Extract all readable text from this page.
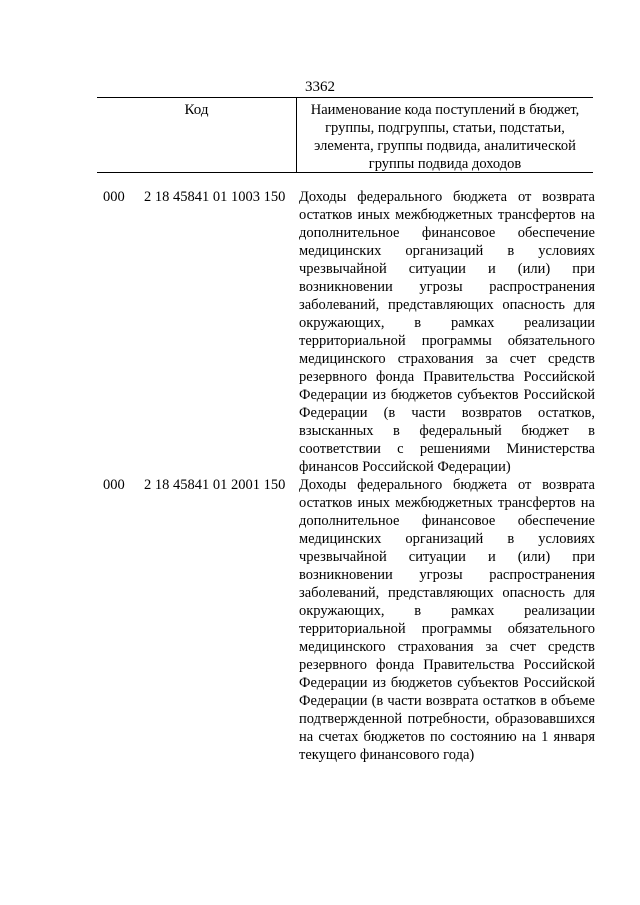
3362
Код	Наименование кода поступлений в бюджет, группы, подгруппы, статьи, подстатьи, элемента, группы подвида, аналитической группы подвида доходов
000	2 18 45841 01 1003 150 Доходы федерального бюджета от возврата остатков иных межбюджетных трансфертов на дополнительное финансовое обеспечение медицинских организаций в условиях чрезвычайной ситуации и (или) при возникновении угрозы распространения заболеваний, представляющих опасность для окружающих, в рамках реализации территориальной программы обязательного медицинского страхования за счет средств резервного фонда Правительства Российской Федерации из бюджетов субъектов Российской Федерации (в части возвратов остатков, взысканных в федеральный бюджет в соответствии с решениями Министерства финансов Российской Федерации)
000	2 18 45841 01 2001 150 Доходы федерального бюджета от возврата остатков иных межбюджетных трансфертов на дополнительное финансовое обеспечение медицинских организаций в условиях чрезвычайной ситуации и (или) при возникновении угрозы распространения заболеваний, представляющих опасность для окружающих, в рамках реализации территориальной программы обязательного медицинского страхования за счет средств резервного фонда Правительства Российской Федерации из бюджетов субъектов Российской Федерации (в части возврата остатков в объеме подтвержденной потребности, образовавшихся на счетах бюджетов по состоянию на 1 января текущего финансового года)
